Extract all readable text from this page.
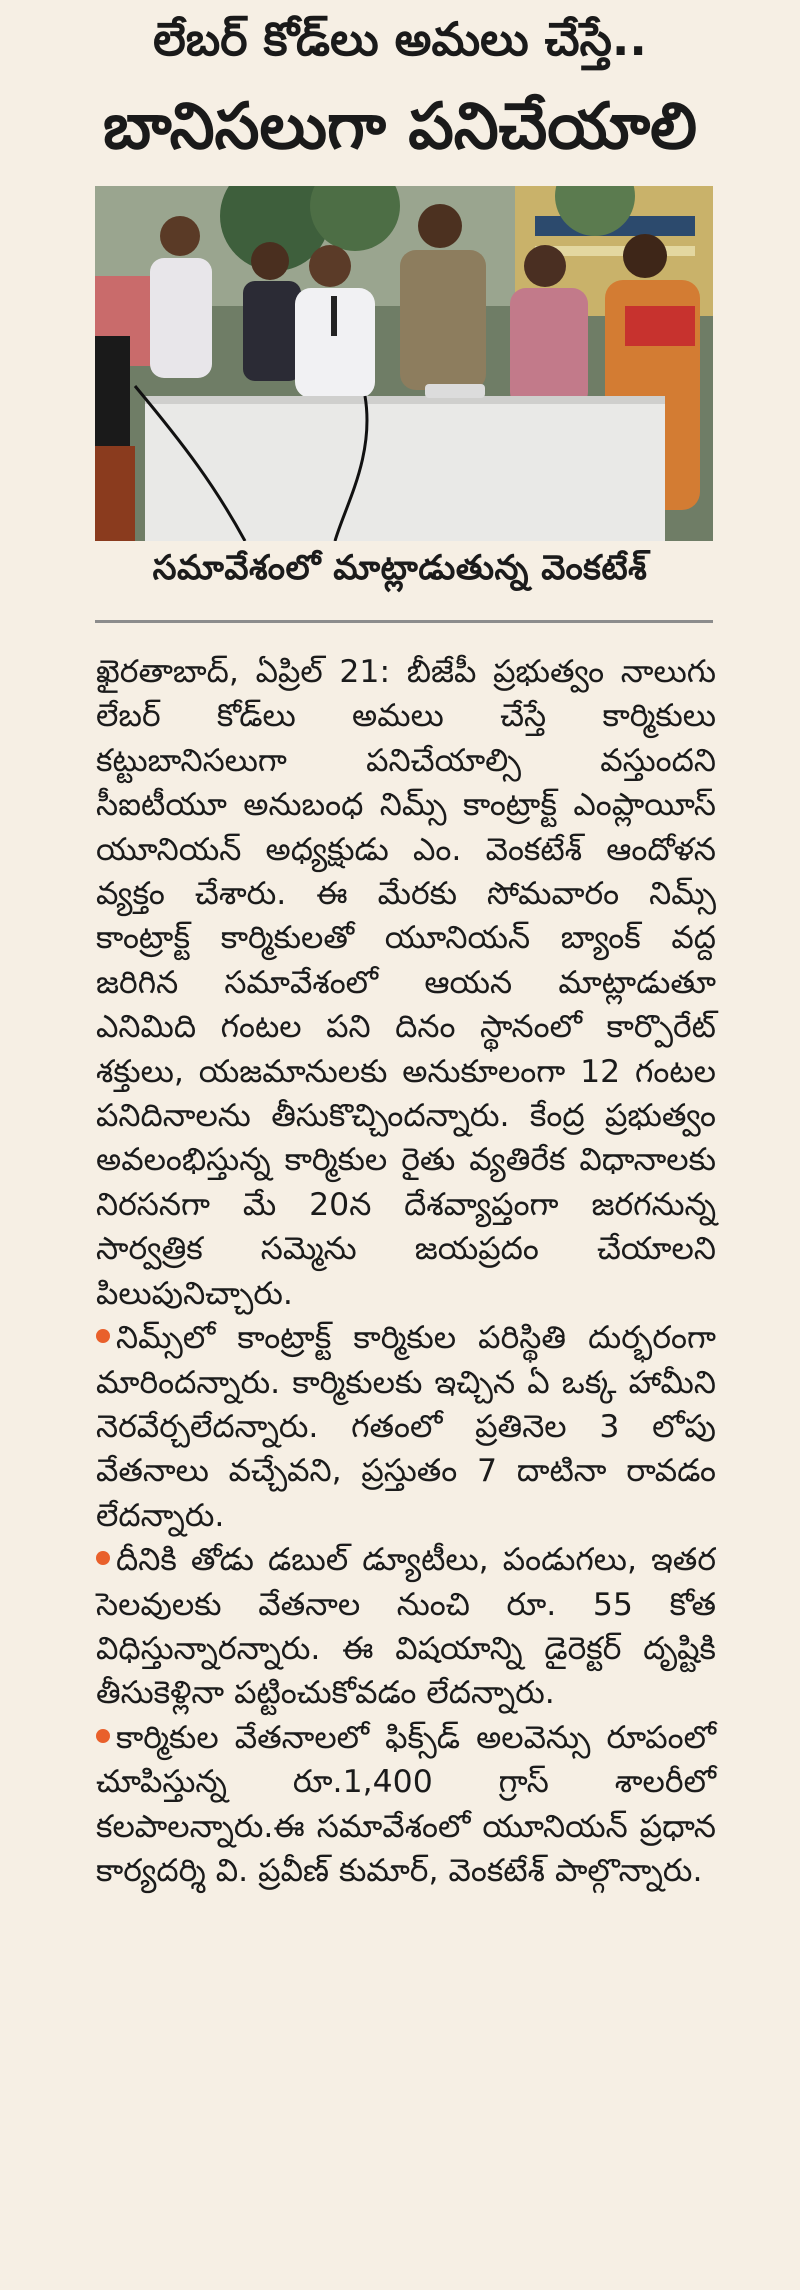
లేబర్ కోడ్‌లు అమలు చేస్తే..
బానిసలుగా పనిచేయాలి
సమావేశంలో మాట్లాడుతున్న వెంకటేశ్

ఖైరతాబాద్, ఏప్రిల్ 21: బీజేపీ ప్రభుత్వం నాలుగు లేబర్ కోడ్‌లు అమలు చేస్తే కార్మికులు కట్టుబానిసలుగా పనిచేయాల్సి వస్తుందని సీఐటీయూ అనుబంధ నిమ్స్ కాంట్రాక్ట్ ఎంప్లాయీస్ యూనియన్ అధ్యక్షుడు ఎం. వెంకటేశ్ ఆందోళన వ్యక్తం చేశారు. ఈ మేరకు సోమవారం నిమ్స్ కాంట్రాక్ట్ కార్మికులతో యూనియన్ బ్యాంక్ వద్ద జరిగిన సమావేశంలో ఆయన మాట్లాడుతూ ఎనిమిది గంటల పని దినం స్థానంలో కార్పొరేట్ శక్తులు, యజమానులకు అనుకూలంగా 12 గంటల పనిదినాలను తీసుకొచ్చిందన్నారు. కేంద్ర ప్రభుత్వం అవలంభిస్తున్న కార్మికుల రైతు వ్యతిరేక విధానాలకు నిరసనగా మే 20న దేశవ్యాప్తంగా జరగనున్న సార్వత్రిక సమ్మెను జయప్రదం చేయాలని పిలుపునిచ్చారు.

నిమ్స్‌లో కాంట్రాక్ట్ కార్మికుల పరిస్థితి దుర్భరంగా మారిందన్నారు. కార్మికులకు ఇచ్చిన ఏ ఒక్క హామీని నెరవేర్చలేదన్నారు. గతంలో ప్రతినెల 3 లోపు వేతనాలు వచ్చేవని, ప్రస్తుతం 7 దాటినా రావడం లేదన్నారు.

దీనికి తోడు డబుల్ డ్యూటీలు, పండుగలు, ఇతర సెలవులకు వేతనాల నుంచి రూ. 55 కోత విధిస్తున్నారన్నారు. ఈ విషయాన్ని డైరెక్టర్ దృష్టికి తీసుకెళ్లినా పట్టించుకోవడం లేదన్నారు.

కార్మికుల వేతనాలలో ఫిక్స్‌డ్ అలవెన్సు రూపంలో చూపిస్తున్న రూ.1,400 గ్రాస్ శాలరీలో కలపాలన్నారు.ఈ సమావేశంలో యూనియన్ ప్రధాన కార్యదర్శి వి. ప్రవీణ్ కుమార్, వెంకటేశ్ పాల్గొన్నారు.
